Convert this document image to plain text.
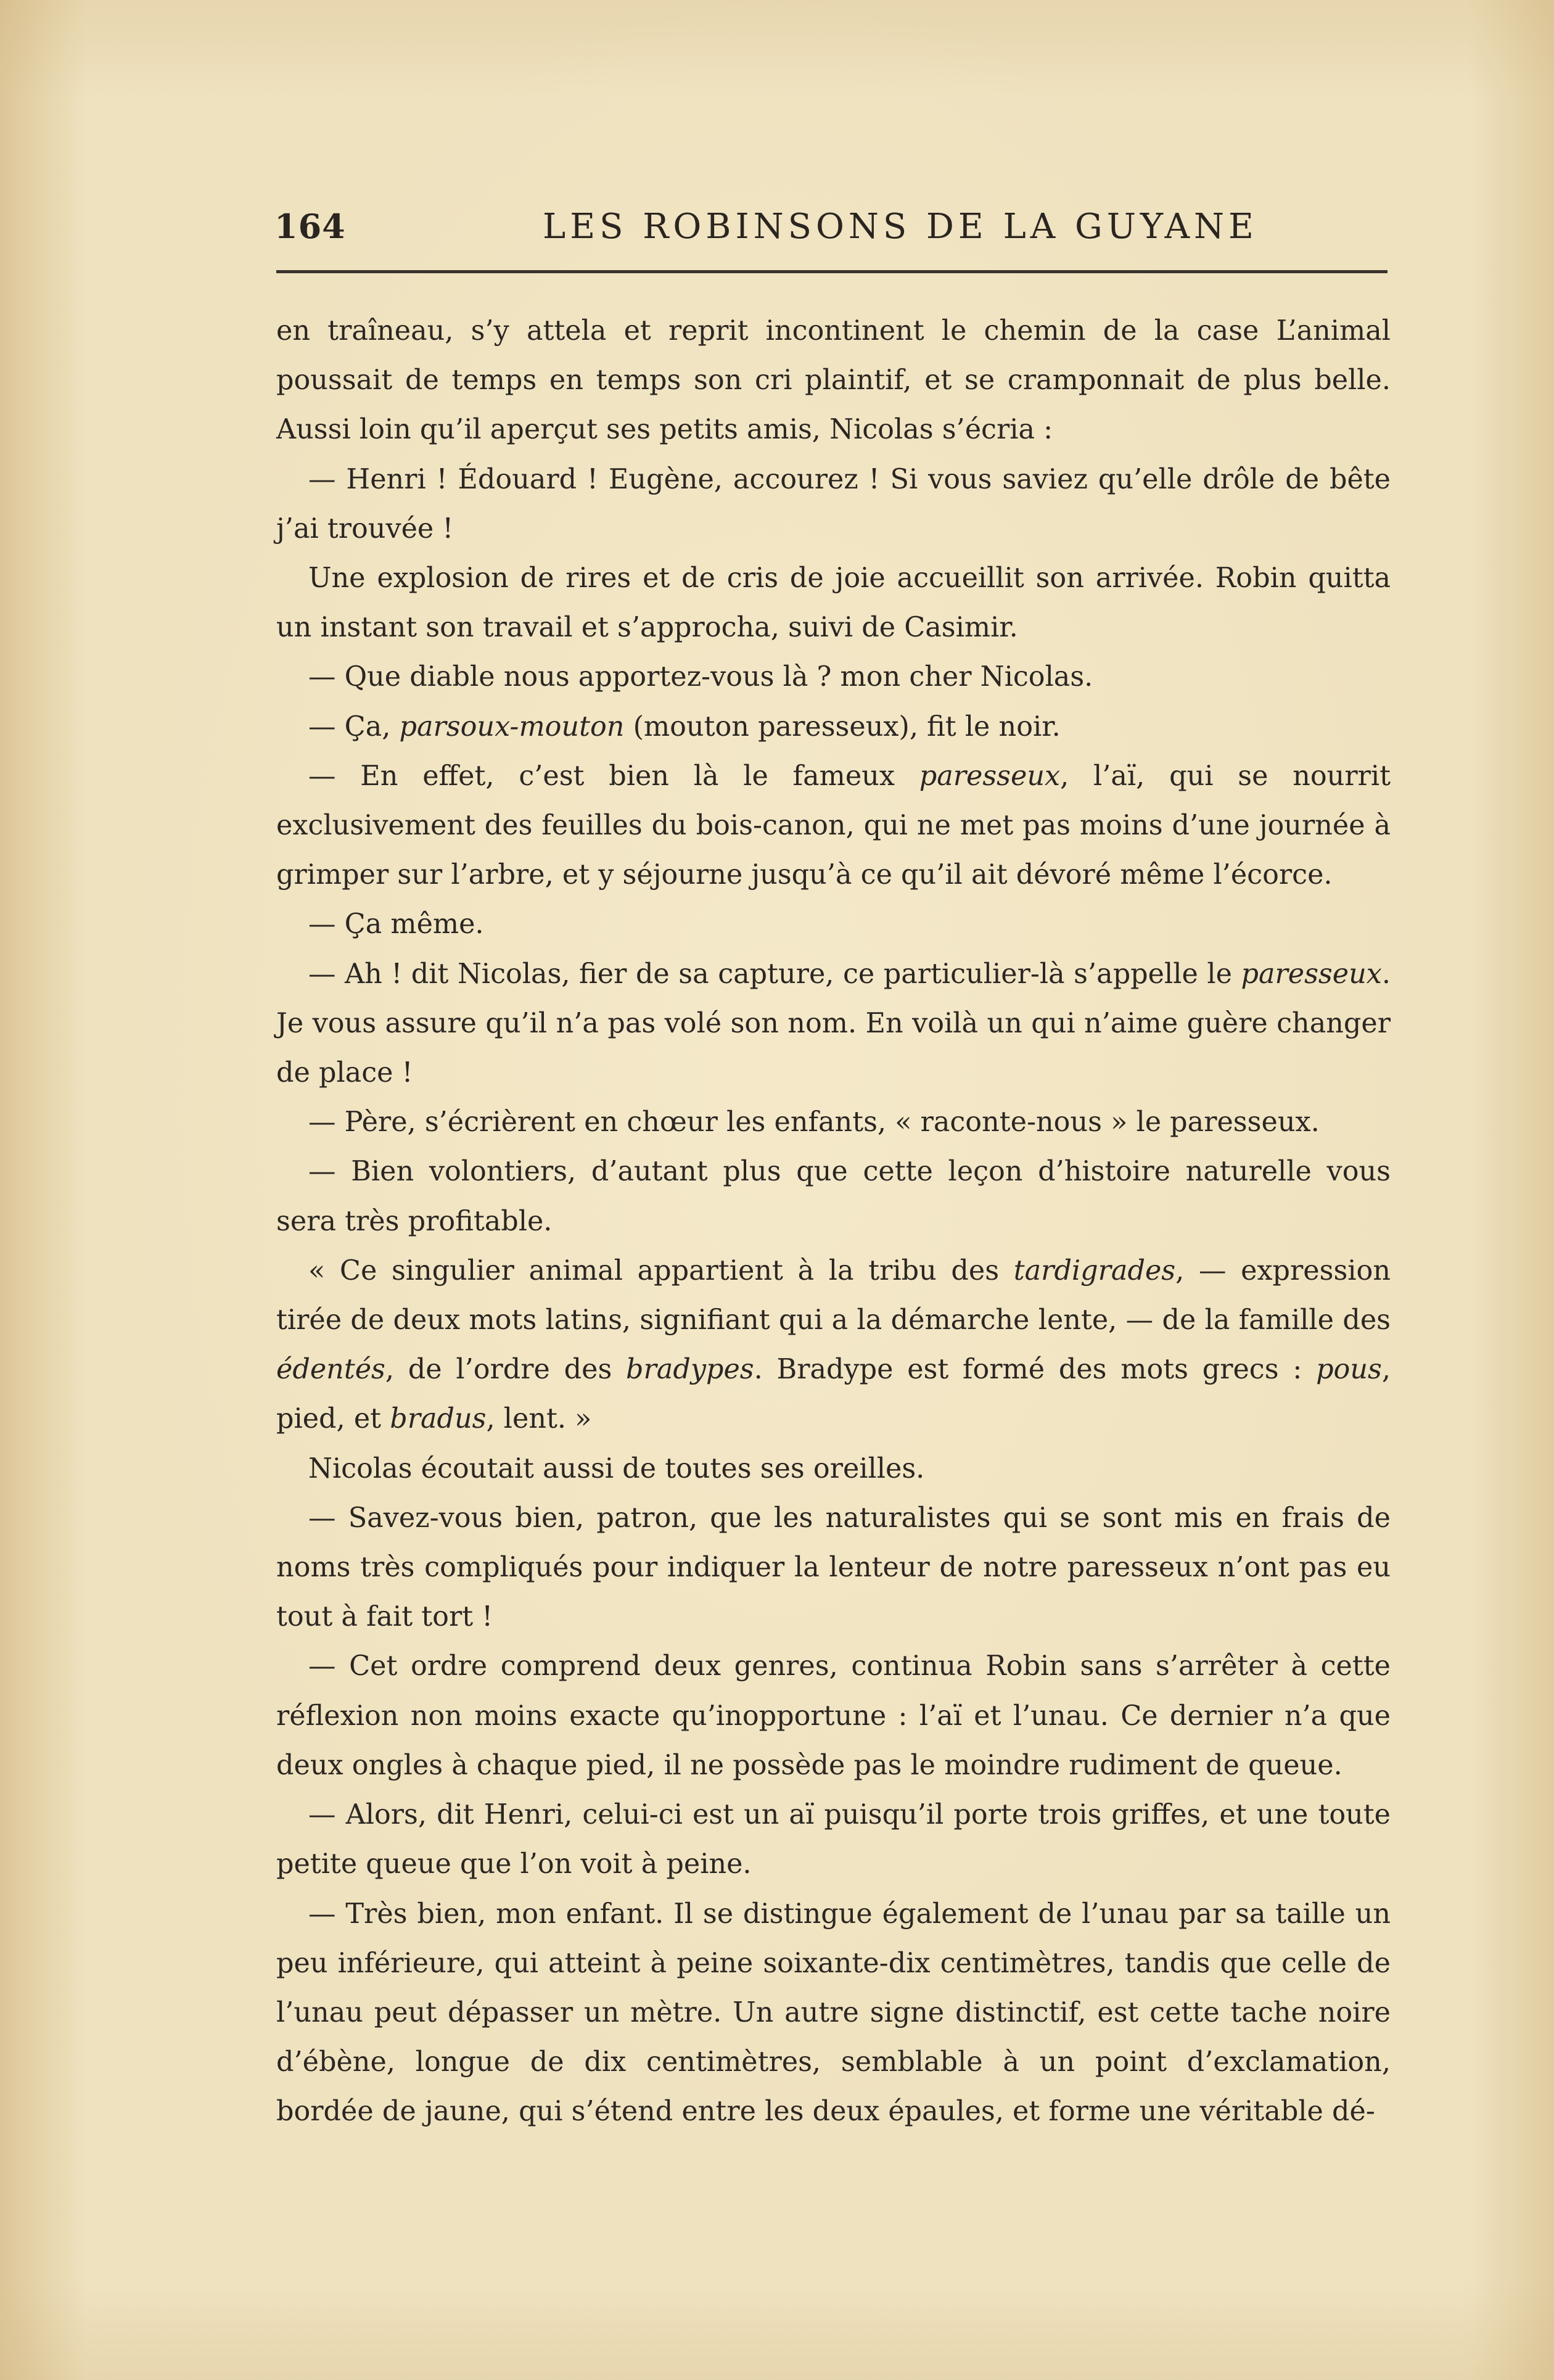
164	LES ROBINSONS DE LA GUYANE

en traîneau, s’y attela et reprit incontinent le chemin de la case L’animal poussait de temps en temps son cri plaintif, et se cramponnait de plus belle. Aussi loin qu’il aperçut ses petits amis, Nicolas s’écria :

— Henri ! Édouard ! Eugène, accourez ! Si vous saviez qu’elle drôle de bête j’ai trouvée !

Une explosion de rires et de cris de joie accueillit son arrivée. Robin quitta un instant son travail et s’approcha, suivi de Casimir.

— Que diable nous apportez-vous là ? mon cher Nicolas.

— Ça, parsoux-mouton (mouton paresseux), fit le noir.

— En effet, c’est bien là le fameux paresseux, l’aï, qui se nourrit exclusivement des feuilles du bois-canon, qui ne met pas moins d’une journée à grimper sur l’arbre, et y séjourne jusqu’à ce qu’il ait dévoré même l’écorce.

— Ça même.

— Ah ! dit Nicolas, fier de sa capture, ce particulier-là s’appelle le paresseux. Je vous assure qu’il n’a pas volé son nom. En voilà un qui n’aime guère changer de place !

— Père, s’écrièrent en chœur les enfants, « raconte-nous » le paresseux.

— Bien volontiers, d’autant plus que cette leçon d’histoire naturelle vous sera très profitable.

« Ce singulier animal appartient à la tribu des tardigrades, — expression tirée de deux mots latins, signifiant qui a la démarche lente, — de la famille des édentés, de l’ordre des bradypes. Bradype est formé des mots grecs : pous, pied, et bradus, lent. »

Nicolas écoutait aussi de toutes ses oreilles.

— Savez-vous bien, patron, que les naturalistes qui se sont mis en frais de noms très compliqués pour indiquer la lenteur de notre paresseux n’ont pas eu tout à fait tort !

— Cet ordre comprend deux genres, continua Robin sans s’arrêter à cette réflexion non moins exacte qu’inopportune : l’aï et l’unau. Ce dernier n’a que deux ongles à chaque pied, il ne possède pas le moindre rudiment de queue.

— Alors, dit Henri, celui-ci est un aï puisqu’il porte trois griffes, et une toute petite queue que l’on voit à peine.

— Très bien, mon enfant. Il se distingue également de l’unau par sa taille un peu inférieure, qui atteint à peine soixante-dix centimètres, tandis que celle de l’unau peut dépasser un mètre. Un autre signe distinctif, est cette tache noire d’ébène, longue de dix centimètres, semblable à un point d’exclamation, bordée de jaune, qui s’étend entre les deux épaules, et forme une véritable dé-
